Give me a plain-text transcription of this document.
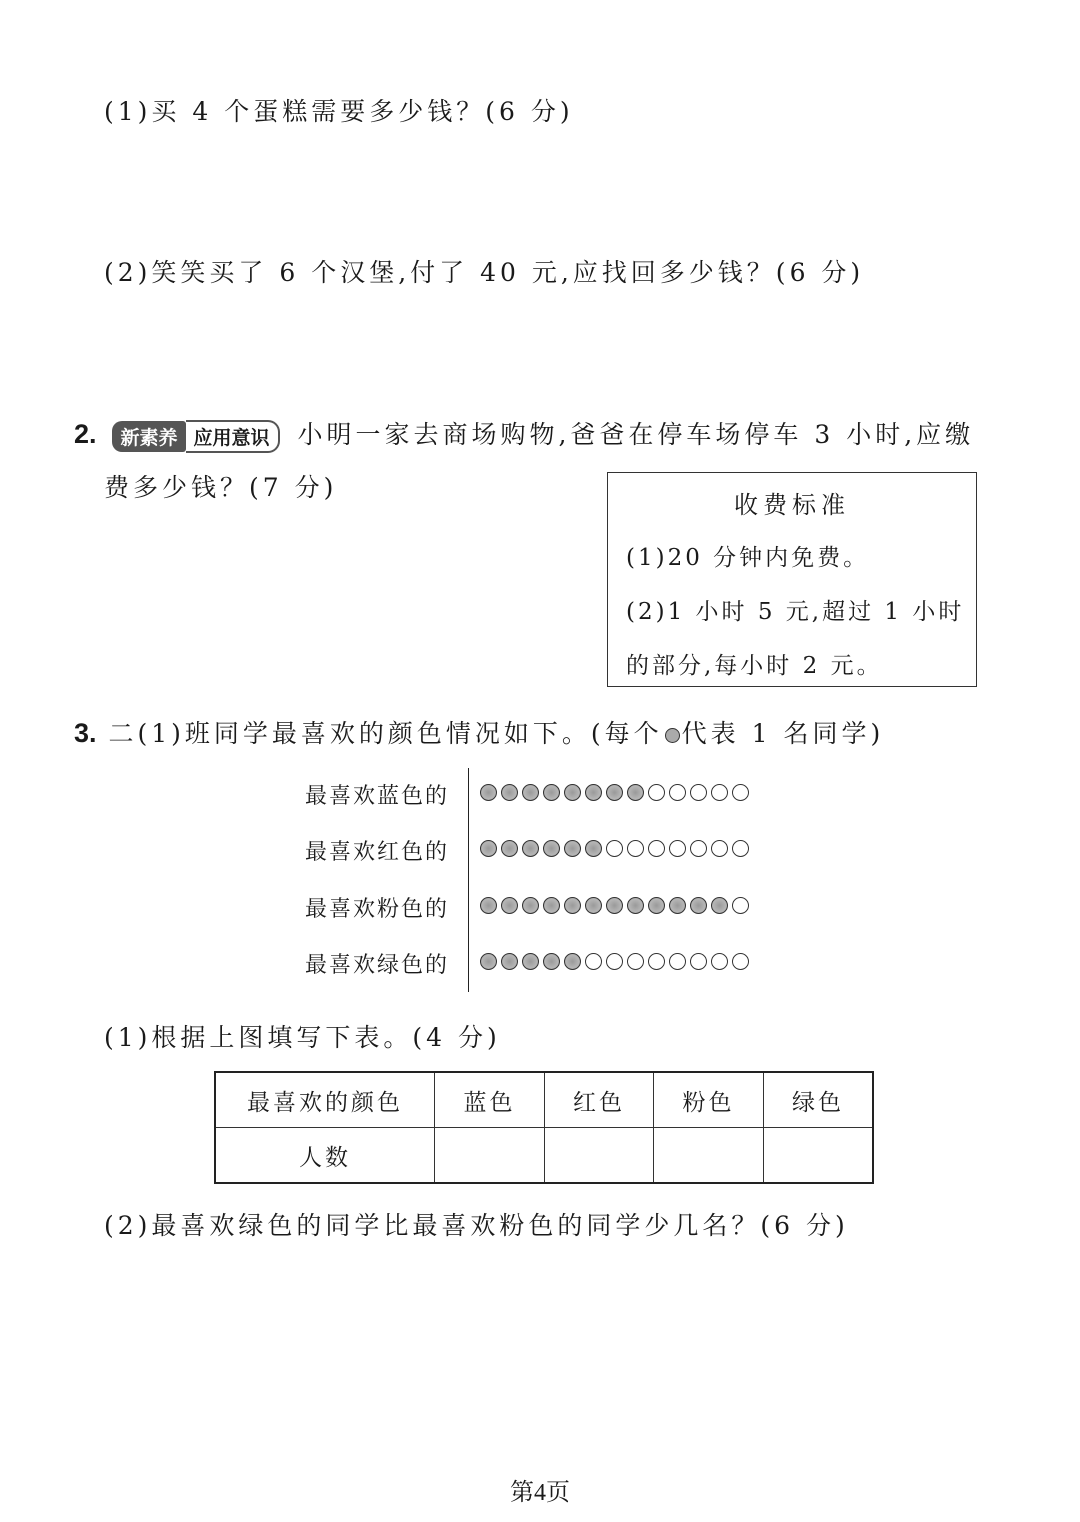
(1)买 4 个蛋糕需要多少钱？(6 分)
(2)笑笑买了 6 个汉堡,付了 40 元,应找回多少钱？(6 分)
2.	新素养 应用意识	小明一家去商场购物,爸爸在停车场停车 3 小时,应缴
费多少钱？(7 分)
收费标准
(1)20 分钟内免费。
(2)1 小时 5 元,超过 1 小时
的部分,每小时 2 元。
3. 二(1)班同学最喜欢的颜色情况如下。(每个 代表 1 名同学)
最喜欢蓝色的
最喜欢红色的
最喜欢粉色的
最喜欢绿色的
(1)根据上图填写下表。(4 分)
最喜欢的颜色	蓝色	红色	粉色	绿色
人数				
(2)最喜欢绿色的同学比最喜欢粉色的同学少几名？(6 分)
第4页
